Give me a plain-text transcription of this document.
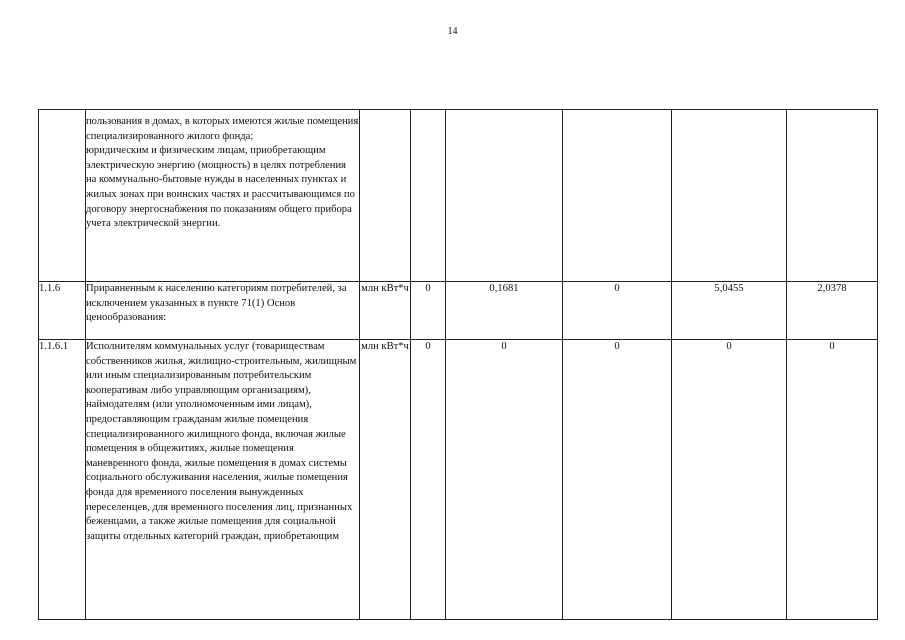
14

	пользования в домах, в которых имеются жилые помещения специализированного жилого фонда;
юридическим и физическим лицам, приобретающим электрическую энергию (мощность) в целях потребления на коммунально-бытовые нужды в населенных пунктах и жилых зонах при воинских частях и рассчитывающимся по договору энергоснабжения по показаниям общего прибора учета электрической энергии.						

1.1.6	Приравненным к населению категориям потребителей, за исключением указанных в пункте 71(1) Основ ценообразования:	млн кВт*ч	0	0,1681	0	5,0455	2,0378
1.1.6.1	Исполнителям коммунальных услуг (товариществам собственников жилья, жилищно-строительным, жилищным или иным специализированным потребительским кооперативам либо управляющим организациям), наймодателям (или уполномоченным ими лицам), предоставляющим гражданам жилые помещения специализированного жилищного фонда, включая жилые помещения в общежитиях, жилые помещения маневренного фонда, жилые помещения в домах системы социального обслуживания населения, жилые помещения фонда для временного поселения вынужденных переселенцев, для временного поселения лиц, признанных беженцами, а также жилые помещения для социальной защиты отдельных категорий граждан, приобретающим	млн кВт*ч	0	0	0	0	0
